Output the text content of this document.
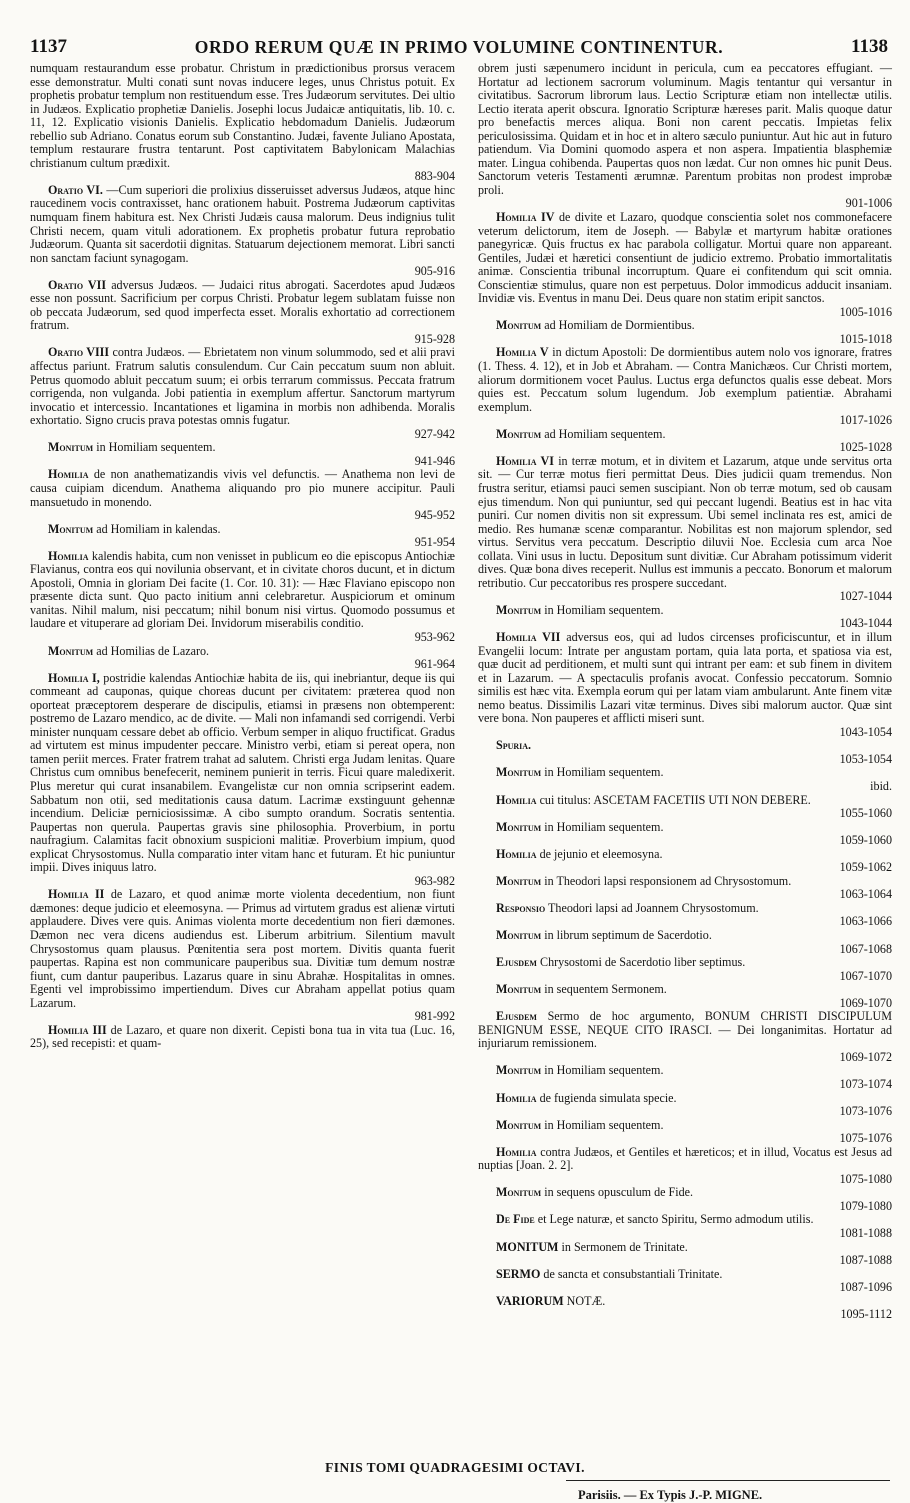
1137	ORDO RERUM QUÆ IN PRIMO VOLUMINE CONTINENTUR.	1138

numquam restaurandum esse probatur. Christum in prædictionibus prorsus veracem esse demonstratur. Multi conati sunt novas inducere leges, unus Christus potuit. Ex prophetis probatur templum non restituendum esse. Tres Judæorum servitutes. Dei ultio in Judæos. Explicatio prophetiæ Danielis. Josephi locus Judaicæ antiquitatis, lib. 10. c. 11, 12. Explicatio visionis Danielis. Explicatio hebdomadum Danielis. Judæorum rebellio sub Adriano. Conatus eorum sub Constantino. Judæi, favente Juliano Apostata, templum restaurare frustra tentarunt. Post captivitatem Babylonicam Malachias christianum cultum prædixit.
883-904

Oratio VI. —Cum superiori die prolixius disseruisset adversus Judæos, atque hinc raucedinem vocis contraxisset, hanc orationem habuit. Postrema Judæorum captivitas numquam finem habitura est. Nex Christi Judæis causa malorum. Deus indignius tulit Christi necem, quam vituli adorationem. Ex prophetis probatur futura reprobatio Judæorum. Quanta sit sacerdotii dignitas. Statuarum dejectionem memorat. Libri sancti non sanctam faciunt synagogam.
905-916

Oratio VII adversus Judæos. — Judaici ritus abrogati. Sacerdotes apud Judæos esse non possunt. Sacrificium per corpus Christi. Probatur legem sublatam fuisse non ob peccata Judæorum, sed quod imperfecta esset. Moralis exhortatio ad correctionem fratrum.
915-928

Oratio VIII contra Judæos. — Ebrietatem non vinum solummodo, sed et alii pravi affectus pariunt. Fratrum salutis consulendum. Cur Cain peccatum suum non abluit. Petrus quomodo abluit peccatum suum; ei orbis terrarum commissus. Peccata fratrum corrigenda, non vulganda. Jobi patientia in exemplum affertur. Sanctorum martyrum invocatio et intercessio. Incantationes et ligamina in morbis non adhibenda. Moralis exhortatio. Signo crucis prava potestas omnis fugatur.
927-942

Monitum in Homiliam sequentem.
941-946

Homilia de non anathematizandis vivis vel defunctis. — Anathema non levi de causa cuipiam dicendum. Anathema aliquando pro pio munere accipitur. Pauli mansuetudo in monendo.
945-952

Monitum ad Homiliam in kalendas.
951-954

Homilia kalendis habita, cum non venisset in publicum eo die episcopus Antiochiæ Flavianus, contra eos qui novilunia observant, et in civitate choros ducunt, et in dictum Apostoli, Omnia in gloriam Dei facite (1. Cor. 10. 31): — Hæc Flaviano episcopo non præsente dicta sunt. Quo pacto initium anni celebraretur. Auspiciorum et ominum vanitas. Nihil malum, nisi peccatum; nihil bonum nisi virtus. Quomodo possumus et laudare et vituperare ad gloriam Dei. Invidorum miserabilis conditio.
953-962

Monitum ad Homilias de Lazaro.
961-964

Homilia I, postridie kalendas Antiochiæ habita de iis, qui inebriantur, deque iis qui commeant ad cauponas, quique choreas ducunt per civitatem: præterea quod non oporteat præceptorem desperare de discipulis, etiamsi in præsens non obtemperent: postremo de Lazaro mendico, ac de divite. — Mali non infamandi sed corrigendi. Verbi minister nunquam cessare debet ab officio. Verbum semper in aliquo fructificat. Gradus ad virtutem est minus impudenter peccare. Ministro verbi, etiam si pereat opera, non tamen periit merces. Frater fratrem trahat ad salutem. Christi erga Judam lenitas. Quare Christus cum omnibus benefecerit, neminem punierit in terris. Ficui quare maledixerit. Plus meretur qui curat insanabilem. Evangelistæ cur non omnia scripserint eadem. Sabbatum non otii, sed meditationis causa datum. Lacrimæ exstinguunt gehennæ incendium. Deliciæ perniciosissimæ. A cibo sumpto orandum. Socratis sententia. Paupertas non querula. Paupertas gravis sine philosophia. Proverbium, in portu naufragium. Calamitas facit obnoxium suspicioni malitiæ. Proverbium impium, quod explicat Chrysostomus. Nulla comparatio inter vitam hanc et futuram. Et hic puniuntur impii. Dives iniquus latro.
963-982

Homilia II de Lazaro, et quod animæ morte violenta decedentium, non fiunt dæmones: deque judicio et eleemosyna. — Primus ad virtutem gradus est alienæ virtuti applaudere. Dives vere quis. Animas violenta morte decedentium non fieri dæmones. Dæmon nec vera dicens audiendus est. Liberum arbitrium. Silentium mavult Chrysostomus quam plausus. Pœnitentia sera post mortem. Divitis quanta fuerit paupertas. Rapina est non communicare pauperibus sua. Divitiæ tum demum nostræ fiunt, cum dantur pauperibus. Lazarus quare in sinu Abrahæ. Hospitalitas in omnes. Egenti vel improbissimo impertiendum. Dives cur Abraham appellat potius quam Lazarum.
981-992

Homilia III de Lazaro, et quare non dixerit. Cepisti bona tua in vita tua (Luc. 16, 25), sed recepisti: et quam-

obrem justi sæpenumero incidunt in pericula, cum ea peccatores effugiant. — Hortatur ad lectionem sacrorum voluminum. Magis tentantur qui versantur in civitatibus. Sacrorum librorum laus. Lectio Scripturæ etiam non intellectæ utilis. Lectio iterata aperit obscura. Ignoratio Scripturæ hæreses parit. Malis quoque datur pro benefactis merces aliqua. Boni non carent peccatis. Impietas felix periculosissima. Quidam et in hoc et in altero sæculo puniuntur. Aut hic aut in futuro patiendum. Via Domini quomodo aspera et non aspera. Impatientia blasphemiæ mater. Lingua cohibenda. Paupertas quos non lædat. Cur non omnes hic punit Deus. Sanctorum veteris Testamenti ærumnæ. Parentum probitas non prodest improbæ proli.
901-1006

Homilia IV de divite et Lazaro, quodque conscientia solet nos commonefacere veterum delictorum, item de Joseph. — Babylæ et martyrum habitæ orationes panegyricæ. Quis fructus ex hac parabola colligatur. Mortui quare non appareant. Gentiles, Judæi et hæretici consentiunt de judicio extremo. Probatio immortalitatis animæ. Conscientia tribunal incorruptum. Quare ei confitendum qui scit omnia. Conscientiæ stimulus, quare non est perpetuus. Dolor immodicus adducit insaniam. Invidiæ vis. Eventus in manu Dei. Deus quare non statim eripit sanctos.
1005-1016

Monitum ad Homiliam de Dormientibus.
1015-1018

Homilia V in dictum Apostoli: De dormientibus autem nolo vos ignorare, fratres (1. Thess. 4. 12), et in Job et Abraham. — Contra Manichæos. Cur Christi mortem, aliorum dormitionem vocet Paulus. Luctus erga defunctos qualis esse debeat. Mors quies est. Peccatum solum lugendum. Job exemplum patientiæ. Abrahami exemplum.
1017-1026

Monitum ad Homiliam sequentem.
1025-1028

Homilia VI in terræ motum, et in divitem et Lazarum, atque unde servitus orta sit. — Cur terræ motus fieri permittat Deus. Dies judicii quam tremendus. Non frustra seritur, etiamsi pauci semen suscipiant. Non ob terræ motum, sed ob causam ejus timendum. Non qui puniuntur, sed qui peccant lugendi. Beatius est in hac vita puniri. Cur nomen divitis non sit expressum. Ubi semel inclinata res est, amici de medio. Res humanæ scenæ comparantur. Nobilitas est non majorum splendor, sed virtus. Servitus vera peccatum. Descriptio diluvii Noe. Ecclesia cum arca Noe collata. Vini usus in luctu. Depositum sunt divitiæ. Cur Abraham potissimum viderit dives. Quæ bona dives receperit. Nullus est immunis a peccato. Bonorum et malorum retributio. Cur peccatoribus res prospere succedant.
1027-1044

Monitum in Homiliam sequentem.
1043-1044

Homilia VII adversus eos, qui ad ludos circenses proficiscuntur, et in illum Evangelii locum: Intrate per angustam portam, quia lata porta, et spatiosa via est, quæ ducit ad perditionem, et multi sunt qui intrant per eam: et sub finem in divitem et in Lazarum. — A spectaculis profanis avocat. Confessio peccatorum. Somnio similis est hæc vita. Exempla eorum qui per latam viam ambularunt. Ante finem vitæ nemo beatus. Dissimilis Lazari vitæ terminus. Dives sibi malorum auctor. Quæ sint vere bona. Non pauperes et afflicti miseri sunt.
1043-1054

Spuria.
1053-1054

Monitum in Homiliam sequentem.
ibid.

Homilia cui titulus: ASCETAM FACETIIS UTI NON DEBERE.
1055-1060

Monitum in Homiliam sequentem.
1059-1060

Homilia de jejunio et eleemosyna.
1059-1062

Monitum in Theodori lapsi responsionem ad Chrysostomum.
1063-1064

Responsio Theodori lapsi ad Joannem Chrysostomum.
1063-1066

Monitum in librum septimum de Sacerdotio.
1067-1068

Ejusdem Chrysostomi de Sacerdotio liber septimus.
1067-1070

Monitum in sequentem Sermonem.
1069-1070

Ejusdem Sermo de hoc argumento, BONUM CHRISTI DISCIPULUM BENIGNUM ESSE, NEQUE CITO IRASCI. — Dei longanimitas. Hortatur ad injuriarum remissionem.
1069-1072

Monitum in Homiliam sequentem.
1073-1074

Homilia de fugienda simulata specie.
1073-1076

Monitum in Homiliam sequentem.
1075-1076

Homilia contra Judæos, et Gentiles et hæreticos; et in illud, Vocatus est Jesus ad nuptias [Joan. 2. 2].
1075-1080

Monitum in sequens opusculum de Fide.
1079-1080

De Fide et Lege naturæ, et sancto Spiritu, Sermo admodum utilis.
1081-1088

MONITUM in Sermonem de Trinitate.
1087-1088

SERMO de sancta et consubstantiali Trinitate.
1087-1096

VARIORUM NOTÆ.
1095-1112

FINIS TOMI QUADRAGESIMI OCTAVI.
Parisiis. — Ex Typis J.-P. MIGNE.
